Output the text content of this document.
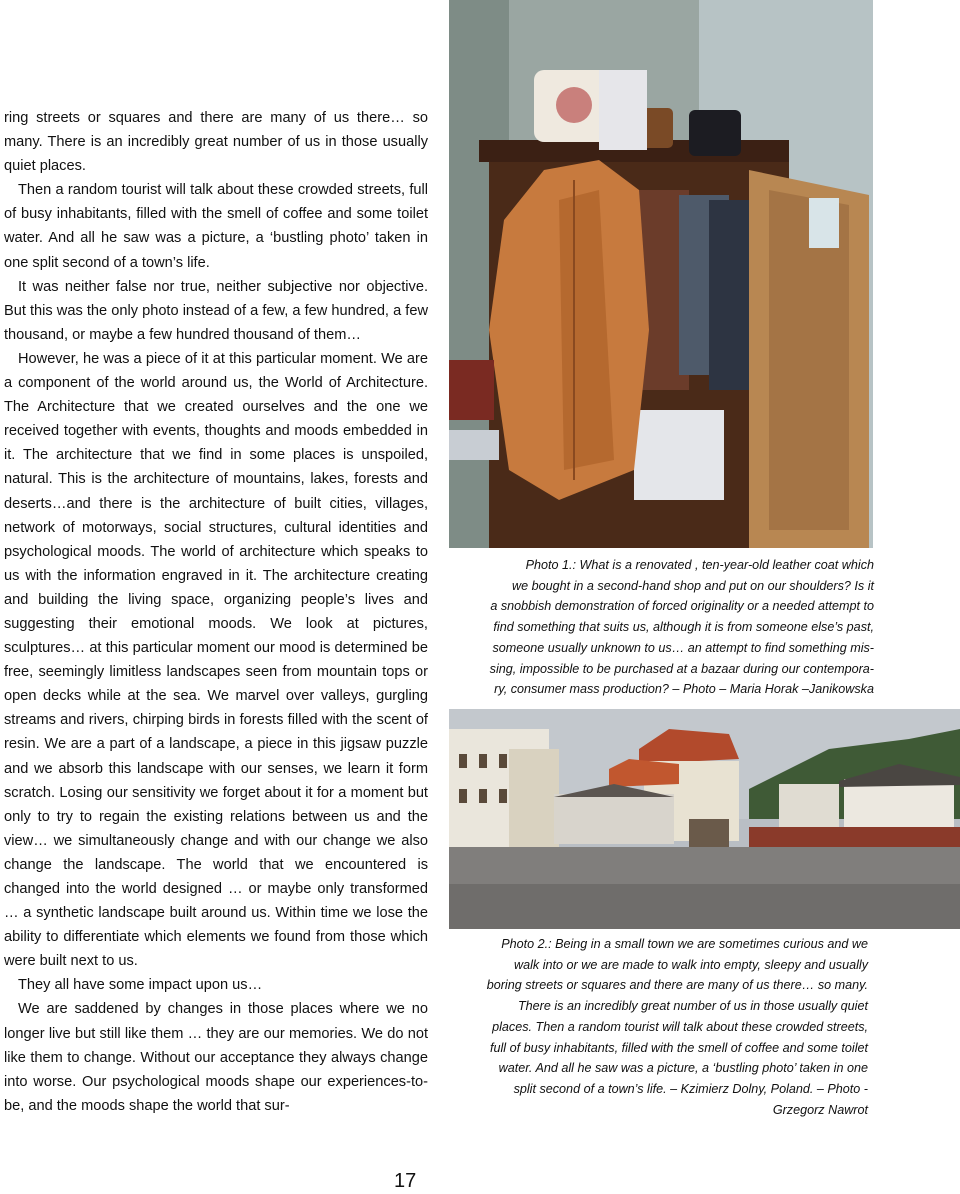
ring streets or squares and there are many of us there… so many. There is an incredibly great number of us in those usually quiet places.

Then a random tourist will talk about these crowded streets, full of busy inhabitants, filled with the smell of coffee and some toilet water. And all he saw was a picture, a ‘bustling photo’ taken in one split second of a town’s life.

It was neither false nor true, neither subjective nor objective. But this was the only photo instead of a few, a few hundred, a few thousand, or maybe a few hundred thousand of them…

However, he was a piece of it at this particular moment. We are a component of the world around us, the World of Architecture. The Architecture that we created ourselves and the one we received together with events, thoughts and moods embedded in it. The architecture that we find in some places is unspoiled, natural. This is the architecture of mountains, lakes, forests and deserts…and there is the architecture of built cities, villages, network of motorways, social structures, cultural identities and psychological moods. The world of architecture which speaks to us with the information engraved in it. The architecture creating and building the living space, organizing people’s lives and suggesting their emotional moods. We look at pictures, sculptures… at this particular moment our mood is determined be free, seemingly limitless landscapes seen from mountain tops or open decks while at the sea. We marvel over valleys, gurgling streams and rivers, chirping birds in forests filled with the scent of resin. We are a part of a landscape, a piece in this jigsaw puzzle and we absorb this landscape with our senses, we learn it form scratch. Losing our sensitivity we forget about it for a moment but only to try to regain the existing relations between us and the view… we simultaneously change and with our change we also change the landscape. The world that we encountered is changed into the world designed … or maybe only transformed … a synthetic landscape built around us. Within time we lose the ability to differentiate which elements we found from those which were built next to us.

They all have some impact upon us…

We are saddened by changes in those places where we no longer live but still like them … they are our memories. We do not like them to change. Without our acceptance they always change into worse. Our psychological moods shape our experiences-to-be, and the moods shape the world that sur-

Photo 1.: What is a renovated , ten-year-old leather coat which
we bought in a second-hand shop and put on our shoulders? Is it
a snobbish demonstration of forced originality or a needed attempt to
find something that suits us, although it is from someone else’s past,
someone usually unknown to us… an attempt to find something mis-
sing, impossible to be purchased at a bazaar during our contempora-
ry, consumer mass production? – Photo – Maria Horak –Janikowska
Photo 2.: Being in a small town we are sometimes curious and we
walk into or we are made to walk into empty, sleepy and usually
boring streets or squares and there are many of us there… so many.
There is an incredibly great number of us in those usually quiet
places. Then a random tourist will talk about these crowded streets,
full of busy inhabitants, filled with the smell of coffee and some toilet
water. And all he saw was a picture, a ‘bustling photo’ taken in one
split second of a town’s life. – Kzimierz Dolny, Poland. – Photo -
Grzegorz Nawrot
17
